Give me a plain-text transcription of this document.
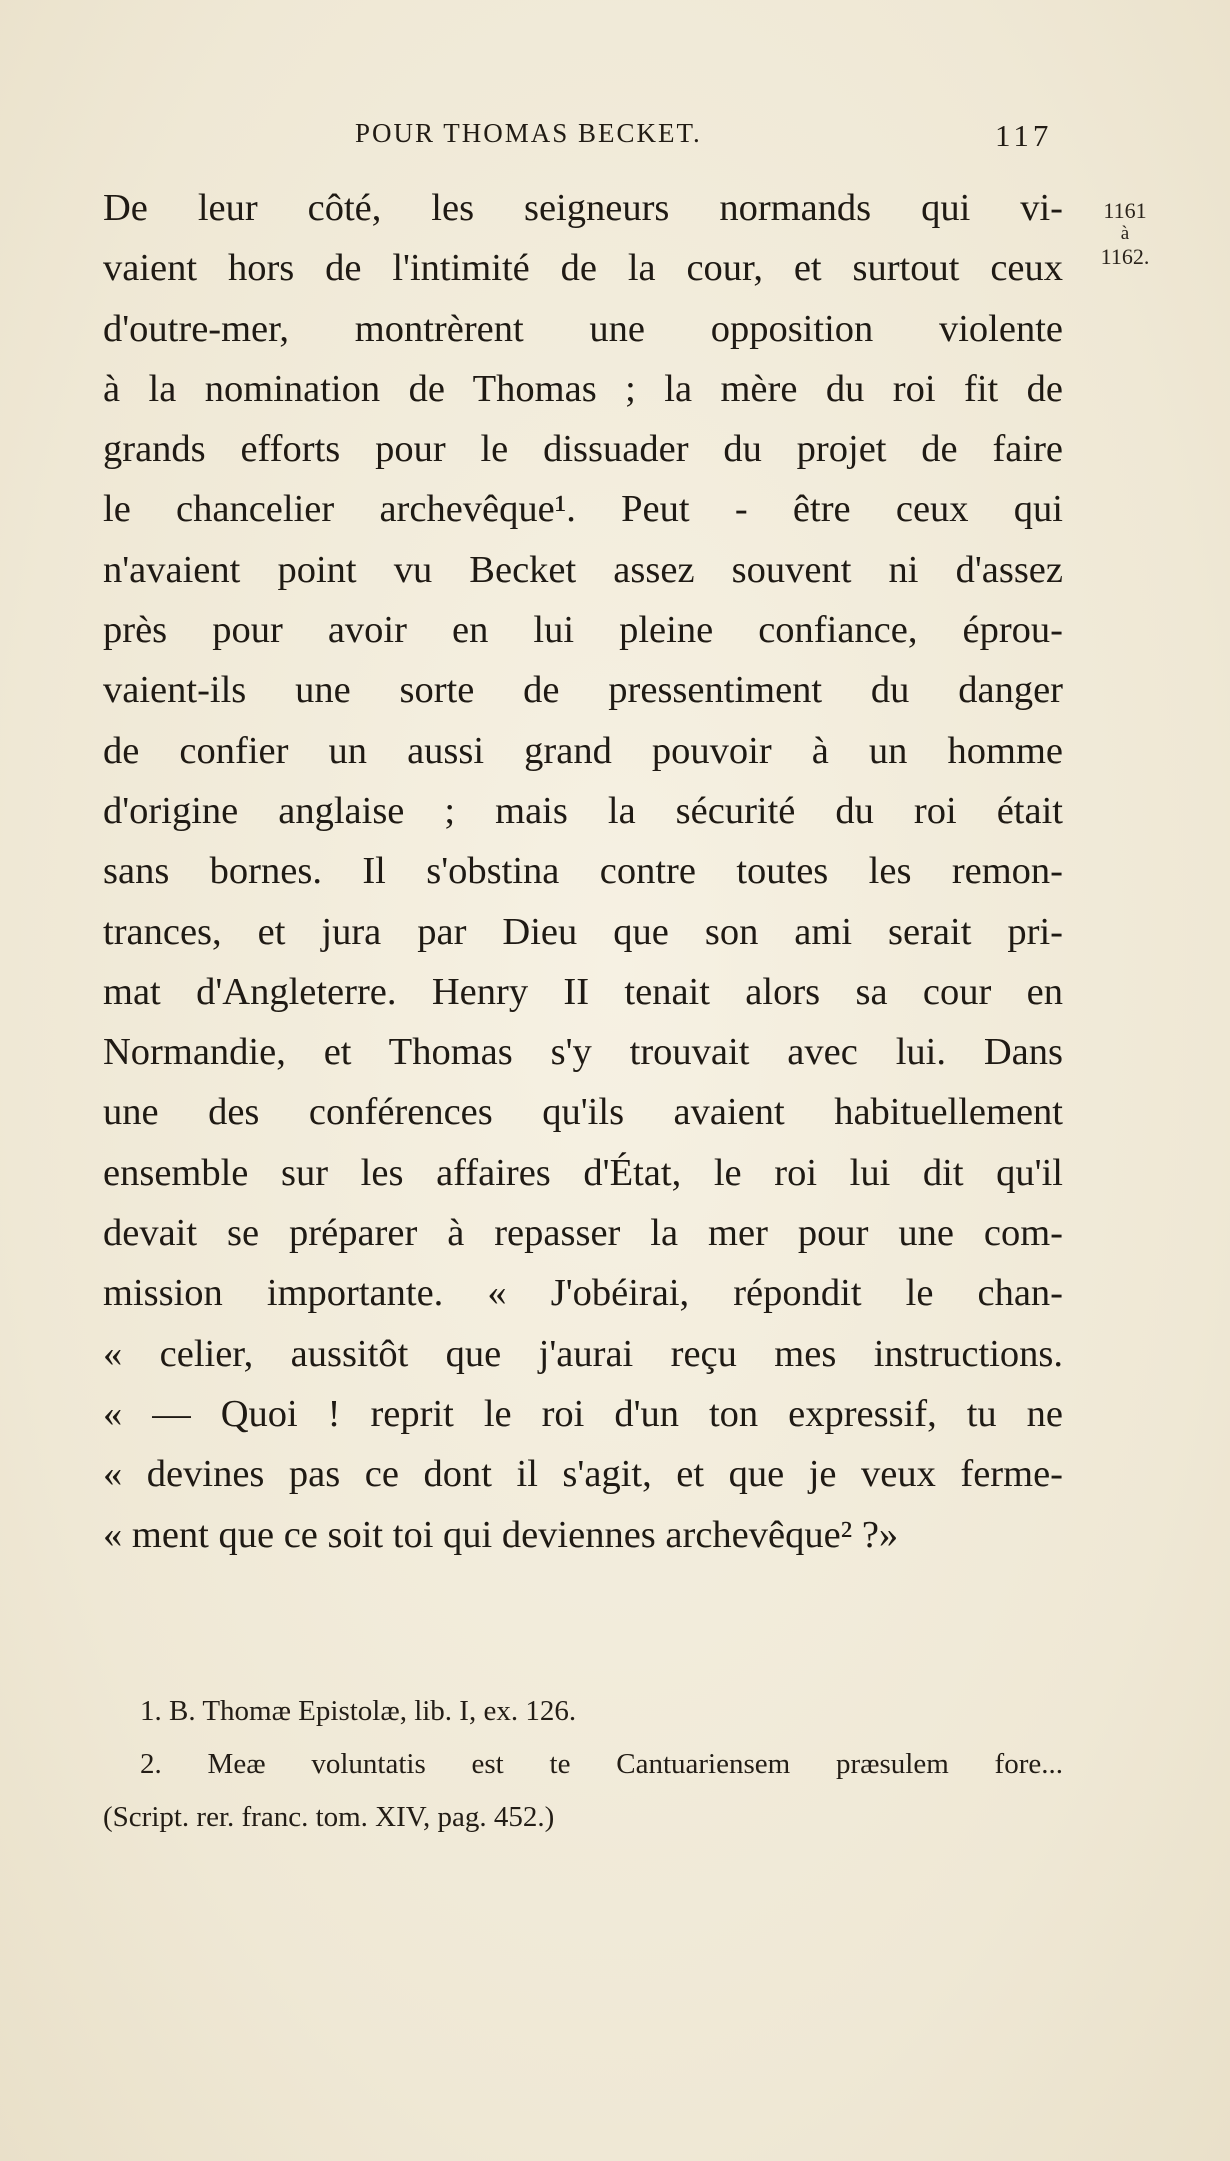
POUR THOMAS BECKET.	117
1161
à
1162.
De leur côté, les seigneurs normands qui vi-
vaient hors de l'intimité de la cour, et surtout ceux
d'outre-mer, montrèrent une opposition violente
à la nomination de Thomas ; la mère du roi fit de
grands efforts pour le dissuader du projet de faire
le chancelier archevêque¹. Peut - être ceux qui
n'avaient point vu Becket assez souvent ni d'assez
près pour avoir en lui pleine confiance, éprou-
vaient-ils une sorte de pressentiment du danger
de confier un aussi grand pouvoir à un homme
d'origine anglaise ; mais la sécurité du roi était
sans bornes. Il s'obstina contre toutes les remon-
trances, et jura par Dieu que son ami serait pri-
mat d'Angleterre. Henry II tenait alors sa cour en
Normandie, et Thomas s'y trouvait avec lui. Dans
une des conférences qu'ils avaient habituellement
ensemble sur les affaires d'État, le roi lui dit qu'il
devait se préparer à repasser la mer pour une com-
mission importante. « J'obéirai, répondit le chan-
« celier, aussitôt que j'aurai reçu mes instructions.
« — Quoi ! reprit le roi d'un ton expressif, tu ne
« devines pas ce dont il s'agit, et que je veux ferme-
« ment que ce soit toi qui deviennes archevêque² ?»
1. B. Thomæ Epistolæ, lib. I, ex. 126.
2. Meæ voluntatis est te Cantuariensem præsulem fore...
(Script. rer. franc. tom. XIV, pag. 452.)
